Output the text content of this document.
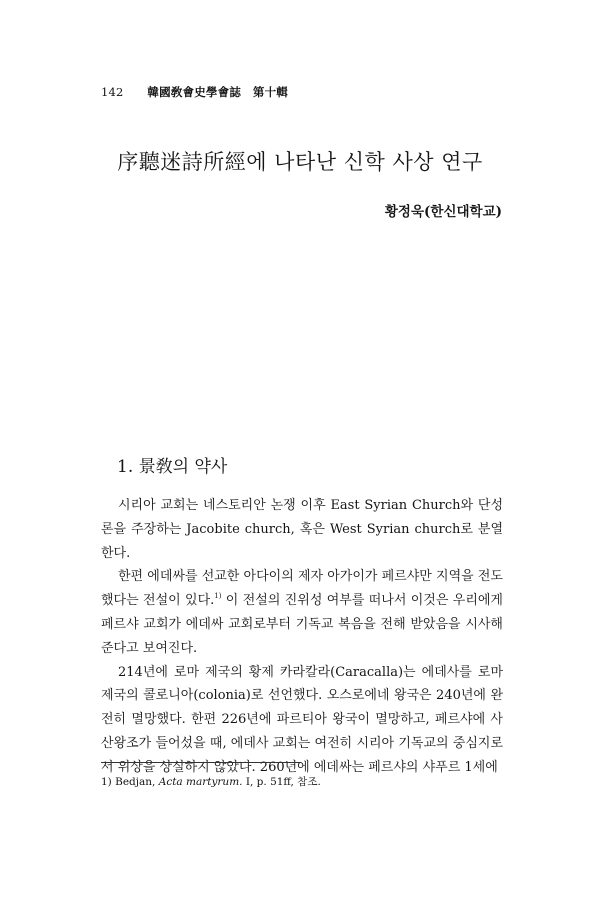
142 韓國敎會史學會誌 第十輯
序聽迷詩所經에 나타난 신학 사상 연구
황정욱(한신대학교)
1. 景敎의 약사

시리아 교회는 네스토리안 논쟁 이후 East Syrian Church와 단성론을 주장하는 Jacobite church, 혹은 West Syrian church로 분열한다.

한편 에데싸를 선교한 아다이의 제자 아가이가 페르샤만 지역을 전도했다는 전설이 있다.$^{1)}$ 이 전설의 진위성 여부를 떠나서 이것은 우리에게 페르샤 교회가 에데싸 교회로부터 기독교 복음을 전해 받았음을 시사해준다고 보여진다.

214년에 로마 제국의 황제 카라칼라(Caracalla)는 에데사를 로마 제국의 콜로니아(colonia)로 선언했다. 오스로에네 왕국은 240년에 완전히 멸망했다. 한편 226년에 파르티아 왕국이 멸망하고, 페르샤에 사산왕조가 들어섰을 때, 에데사 교회는 여전히 시리아 기독교의 중심지로서 위상을 상실하지 않았다. 260년에 에데싸는 페르샤의 샤푸르 1세에

1) Bedjan, Acta martyrum. I, p. 51ff, 참조.
